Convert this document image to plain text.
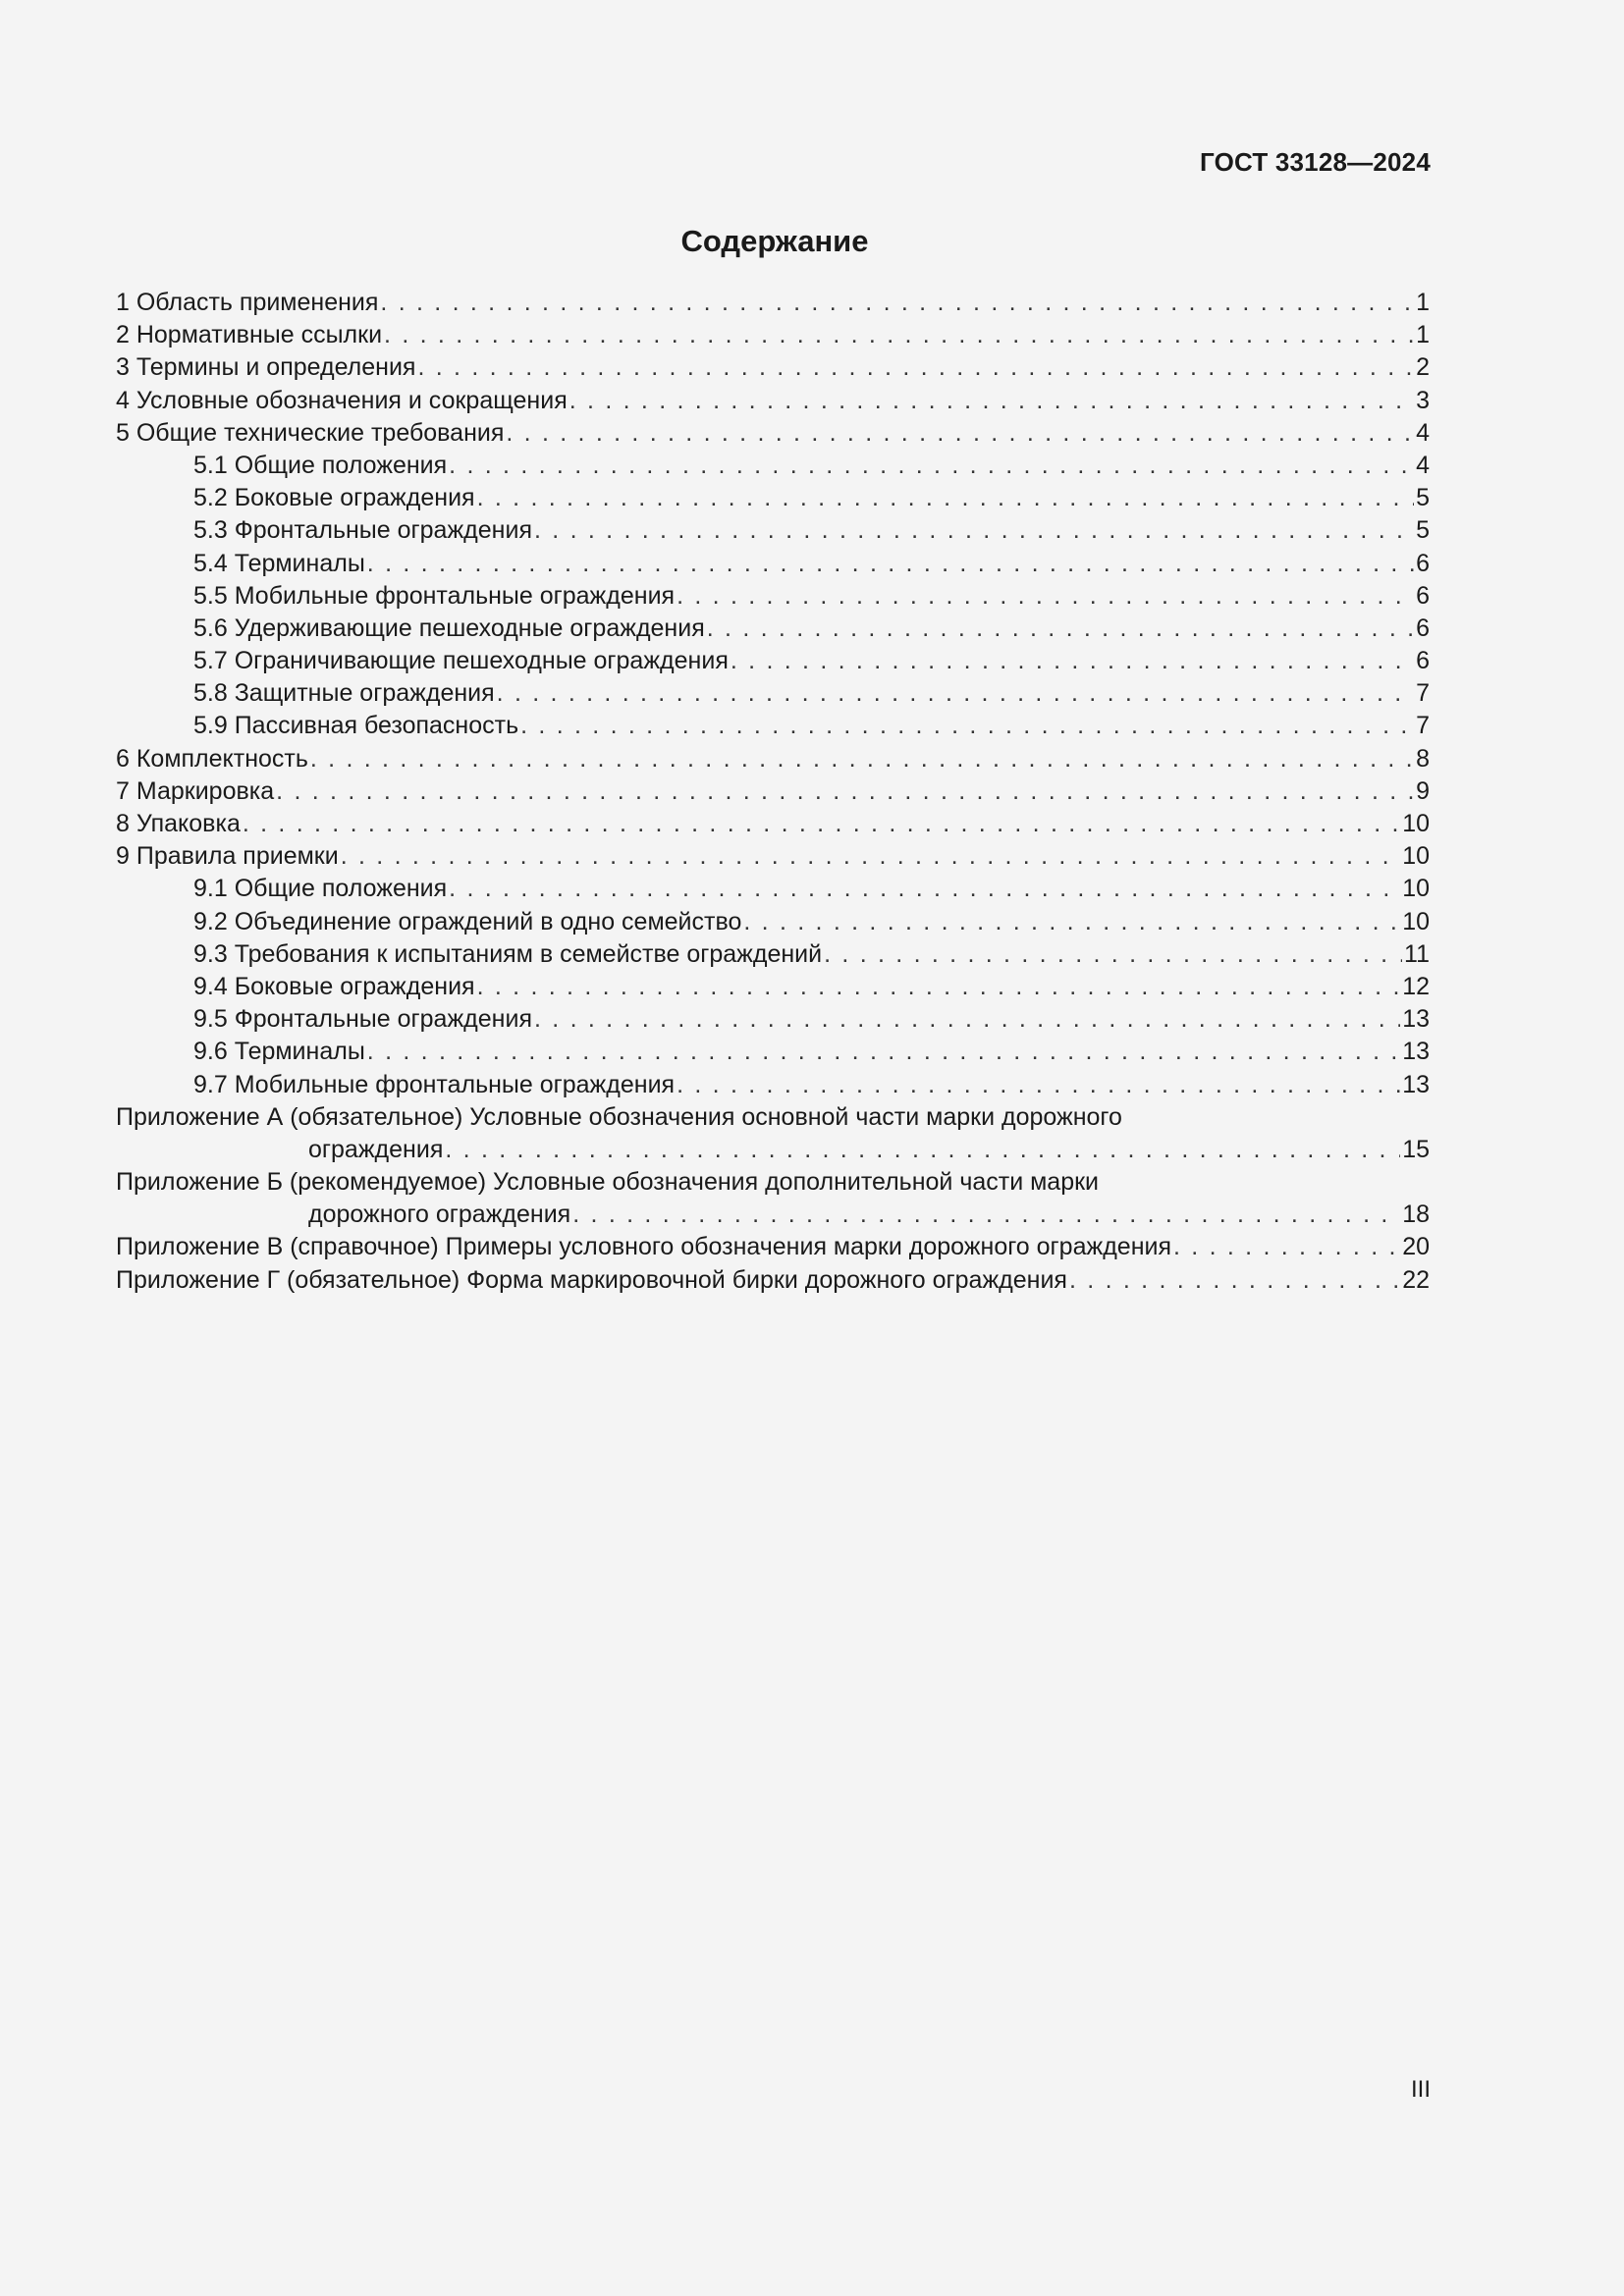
ГОСТ 33128—2024
Содержание
1 Область применения . . .	1
2 Нормативные ссылки . . .	1
3 Термины и определения . . .	2
4 Условные обозначения и сокращения . . .	3
5 Общие технические требования . . .	4
5.1 Общие положения . . .	4
5.2 Боковые ограждения . . .	5
5.3 Фронтальные ограждения . . .	5
5.4 Терминалы . . .	6
5.5 Мобильные фронтальные ограждения . . .	6
5.6 Удерживающие пешеходные ограждения . . .	6
5.7 Ограничивающие пешеходные ограждения . . .	6
5.8 Защитные ограждения . . .	7
5.9 Пассивная безопасность . . .	7
6 Комплектность . . .	8
7 Маркировка . . .	9
8 Упаковка . . .	10
9 Правила приемки . . .	10
9.1 Общие положения . . .	10
9.2 Объединение ограждений в одно семейство . . .	10
9.3 Требования к испытаниям в семействе ограждений . . .	11
9.4 Боковые ограждения . . .	12
9.5 Фронтальные ограждения . . .	13
9.6 Терминалы . . .	13
9.7 Мобильные фронтальные ограждения . . .	13
Приложение А (обязательное) Условные обозначения основной части марки дорожного
ограждения . . .	15
Приложение Б (рекомендуемое) Условные обозначения дополнительной части марки
дорожного ограждения . . .	18
Приложение В (справочное) Примеры условного обозначения марки дорожного ограждения . . .	20
Приложение Г (обязательное) Форма маркировочной бирки дорожного ограждения . . .	22
III
